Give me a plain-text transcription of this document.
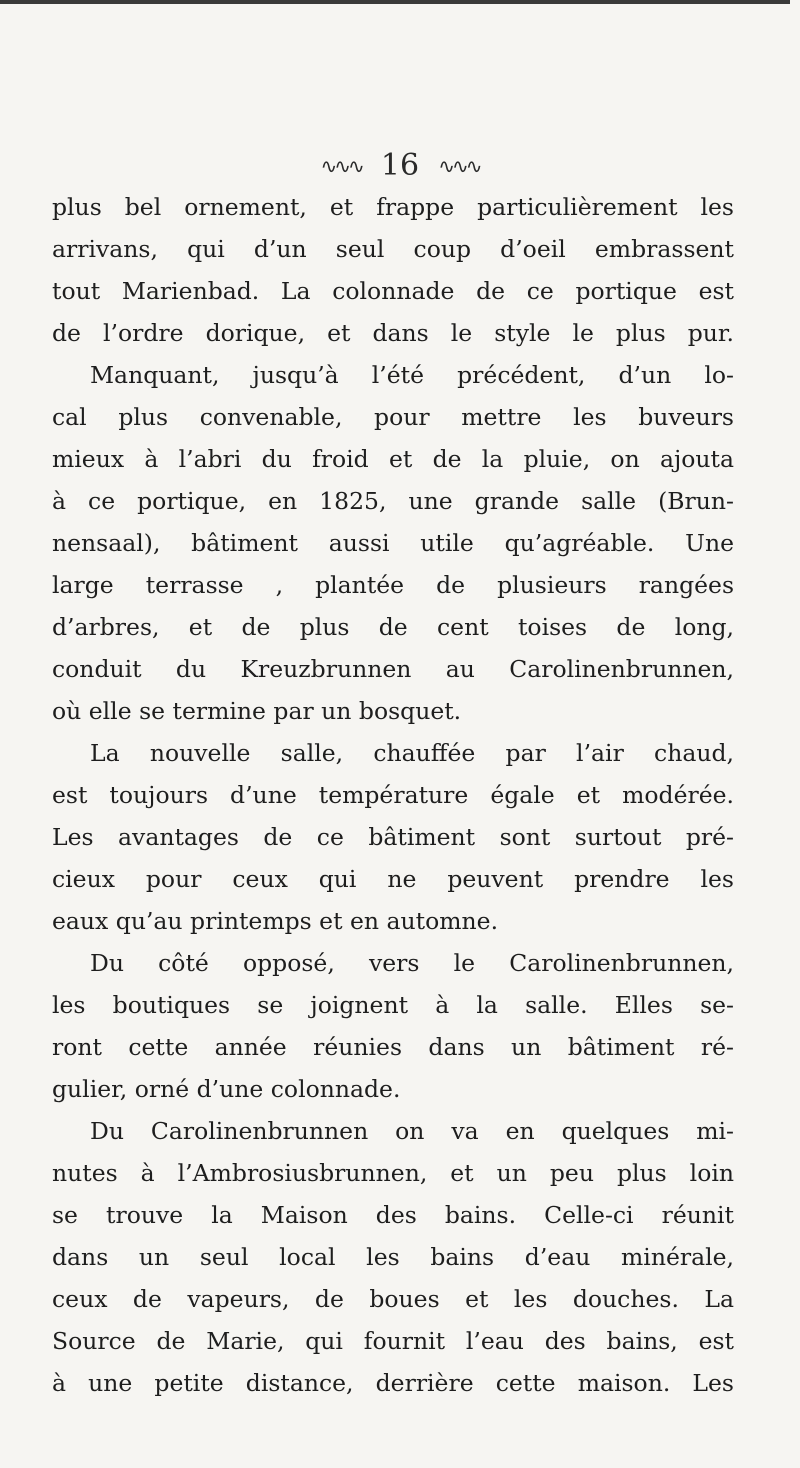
∿∿∿ 16 ∿∿∿
plus bel ornement, et frappe particulièrement les
arrivans, qui d’un seul coup d’oeil embrassent
tout Marienbad. La colonnade de ce portique est
de l’ordre dorique, et dans le style le plus pur.
Manquant, jusqu’à l’été précédent, d’un lo-
cal plus convenable, pour mettre les buveurs
mieux à l’abri du froid et de la pluie, on ajouta
à ce portique, en 1825, une grande salle (Brun-
nensaal), bâtiment aussi utile qu’agréable. Une
large terrasse , plantée de plusieurs rangées
d’arbres, et de plus de cent toises de long,
conduit du Kreuzbrunnen au Carolinenbrunnen,
où elle se termine par un bosquet.
La nouvelle salle, chauffée par l’air chaud,
est toujours d’une température égale et modérée.
Les avantages de ce bâtiment sont surtout pré-
cieux pour ceux qui ne peuvent prendre les
eaux qu’au printemps et en automne.
Du côté opposé, vers le Carolinenbrunnen,
les boutiques se joignent à la salle. Elles se-
ront cette année réunies dans un bâtiment ré-
gulier, orné d’une colonnade.
Du Carolinenbrunnen on va en quelques mi-
nutes à l’Ambrosiusbrunnen, et un peu plus loin
se trouve la Maison des bains. Celle-ci réunit
dans un seul local les bains d’eau minérale,
ceux de vapeurs, de boues et les douches. La
Source de Marie, qui fournit l’eau des bains, est
à une petite distance, derrière cette maison. Les
